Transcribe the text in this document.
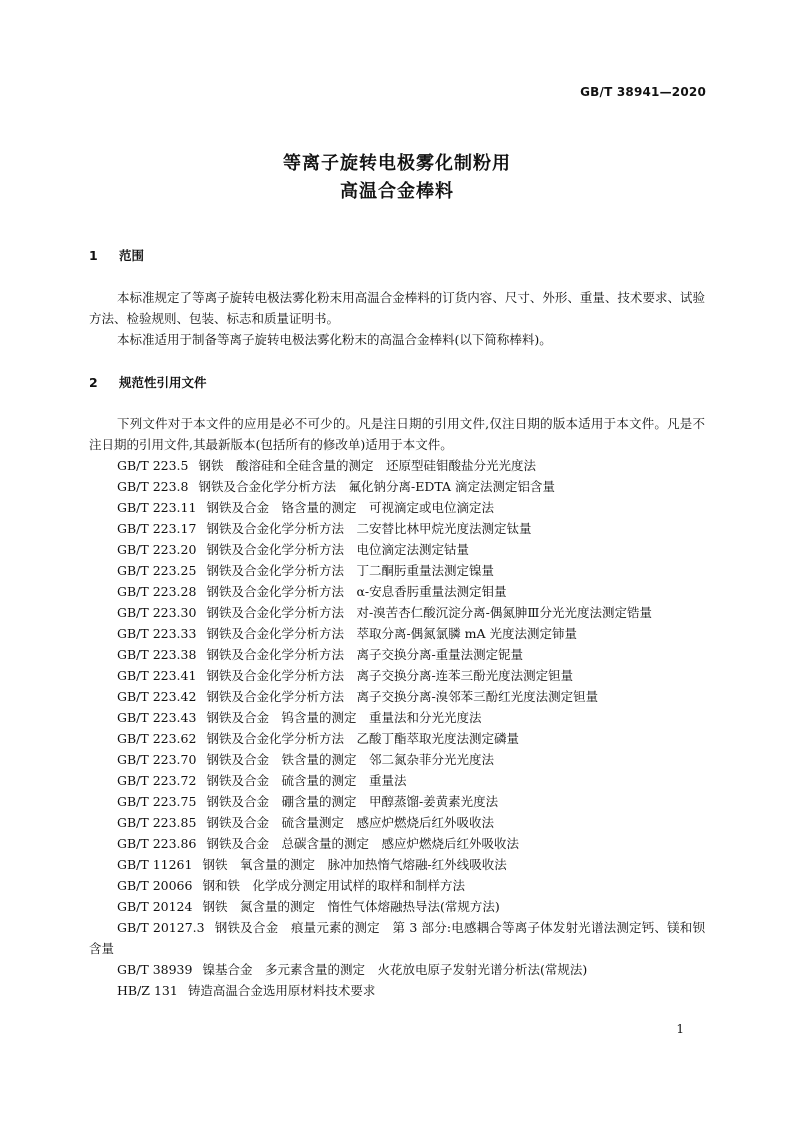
GB/T 38941—2020
等离子旋转电极雾化制粉用
高温合金棒料
1 范围

本标准规定了等离子旋转电极法雾化粉末用高温合金棒料的订货内容、尺寸、外形、重量、技术要求、试验方法、检验规则、包装、标志和质量证明书。

本标准适用于制备等离子旋转电极法雾化粉末的高温合金棒料(以下简称棒料)。

2 规范性引用文件

下列文件对于本文件的应用是必不可少的。凡是注日期的引用文件,仅注日期的版本适用于本文件。凡是不注日期的引用文件,其最新版本(包括所有的修改单)适用于本文件。

GB/T 223.5 钢铁　酸溶硅和全硅含量的测定　还原型硅钼酸盐分光光度法
GB/T 223.8 钢铁及合金化学分析方法　氟化钠分离-EDTA 滴定法测定铝含量
GB/T 223.11 钢铁及合金　铬含量的测定　可视滴定或电位滴定法
GB/T 223.17 钢铁及合金化学分析方法　二安替比林甲烷光度法测定钛量
GB/T 223.20 钢铁及合金化学分析方法　电位滴定法测定钴量
GB/T 223.25 钢铁及合金化学分析方法　丁二酮肟重量法测定镍量
GB/T 223.28 钢铁及合金化学分析方法　α-安息香肟重量法测定钼量
GB/T 223.30 钢铁及合金化学分析方法　对-溴苦杏仁酸沉淀分离-偶氮胂Ⅲ分光光度法测定锆量
GB/T 223.33 钢铁及合金化学分析方法　萃取分离-偶氮氯膦 mA 光度法测定铈量
GB/T 223.38 钢铁及合金化学分析方法　离子交换分离-重量法测定铌量
GB/T 223.41 钢铁及合金化学分析方法　离子交换分离-连苯三酚光度法测定钽量
GB/T 223.42 钢铁及合金化学分析方法　离子交换分离-溴邻苯三酚红光度法测定钽量
GB/T 223.43 钢铁及合金　钨含量的测定　重量法和分光光度法
GB/T 223.62 钢铁及合金化学分析方法　乙酸丁酯萃取光度法测定磷量
GB/T 223.70 钢铁及合金　铁含量的测定　邻二氮杂菲分光光度法
GB/T 223.72 钢铁及合金　硫含量的测定　重量法
GB/T 223.75 钢铁及合金　硼含量的测定　甲醇蒸馏-姜黄素光度法
GB/T 223.85 钢铁及合金　硫含量测定　感应炉燃烧后红外吸收法
GB/T 223.86 钢铁及合金　总碳含量的测定　感应炉燃烧后红外吸收法
GB/T 11261 钢铁　氧含量的测定　脉冲加热惰气熔融-红外线吸收法
GB/T 20066 钢和铁　化学成分测定用试样的取样和制样方法
GB/T 20124 钢铁　氮含量的测定　惰性气体熔融热导法(常规方法)
GB/T 20127.3 钢铁及合金　痕量元素的测定　第 3 部分:电感耦合等离子体发射光谱法测定钙、镁和钡含量
GB/T 38939 镍基合金　多元素含量的测定　火花放电原子发射光谱分析法(常规法)
HB/Z 131 铸造高温合金选用原材料技术要求
1
